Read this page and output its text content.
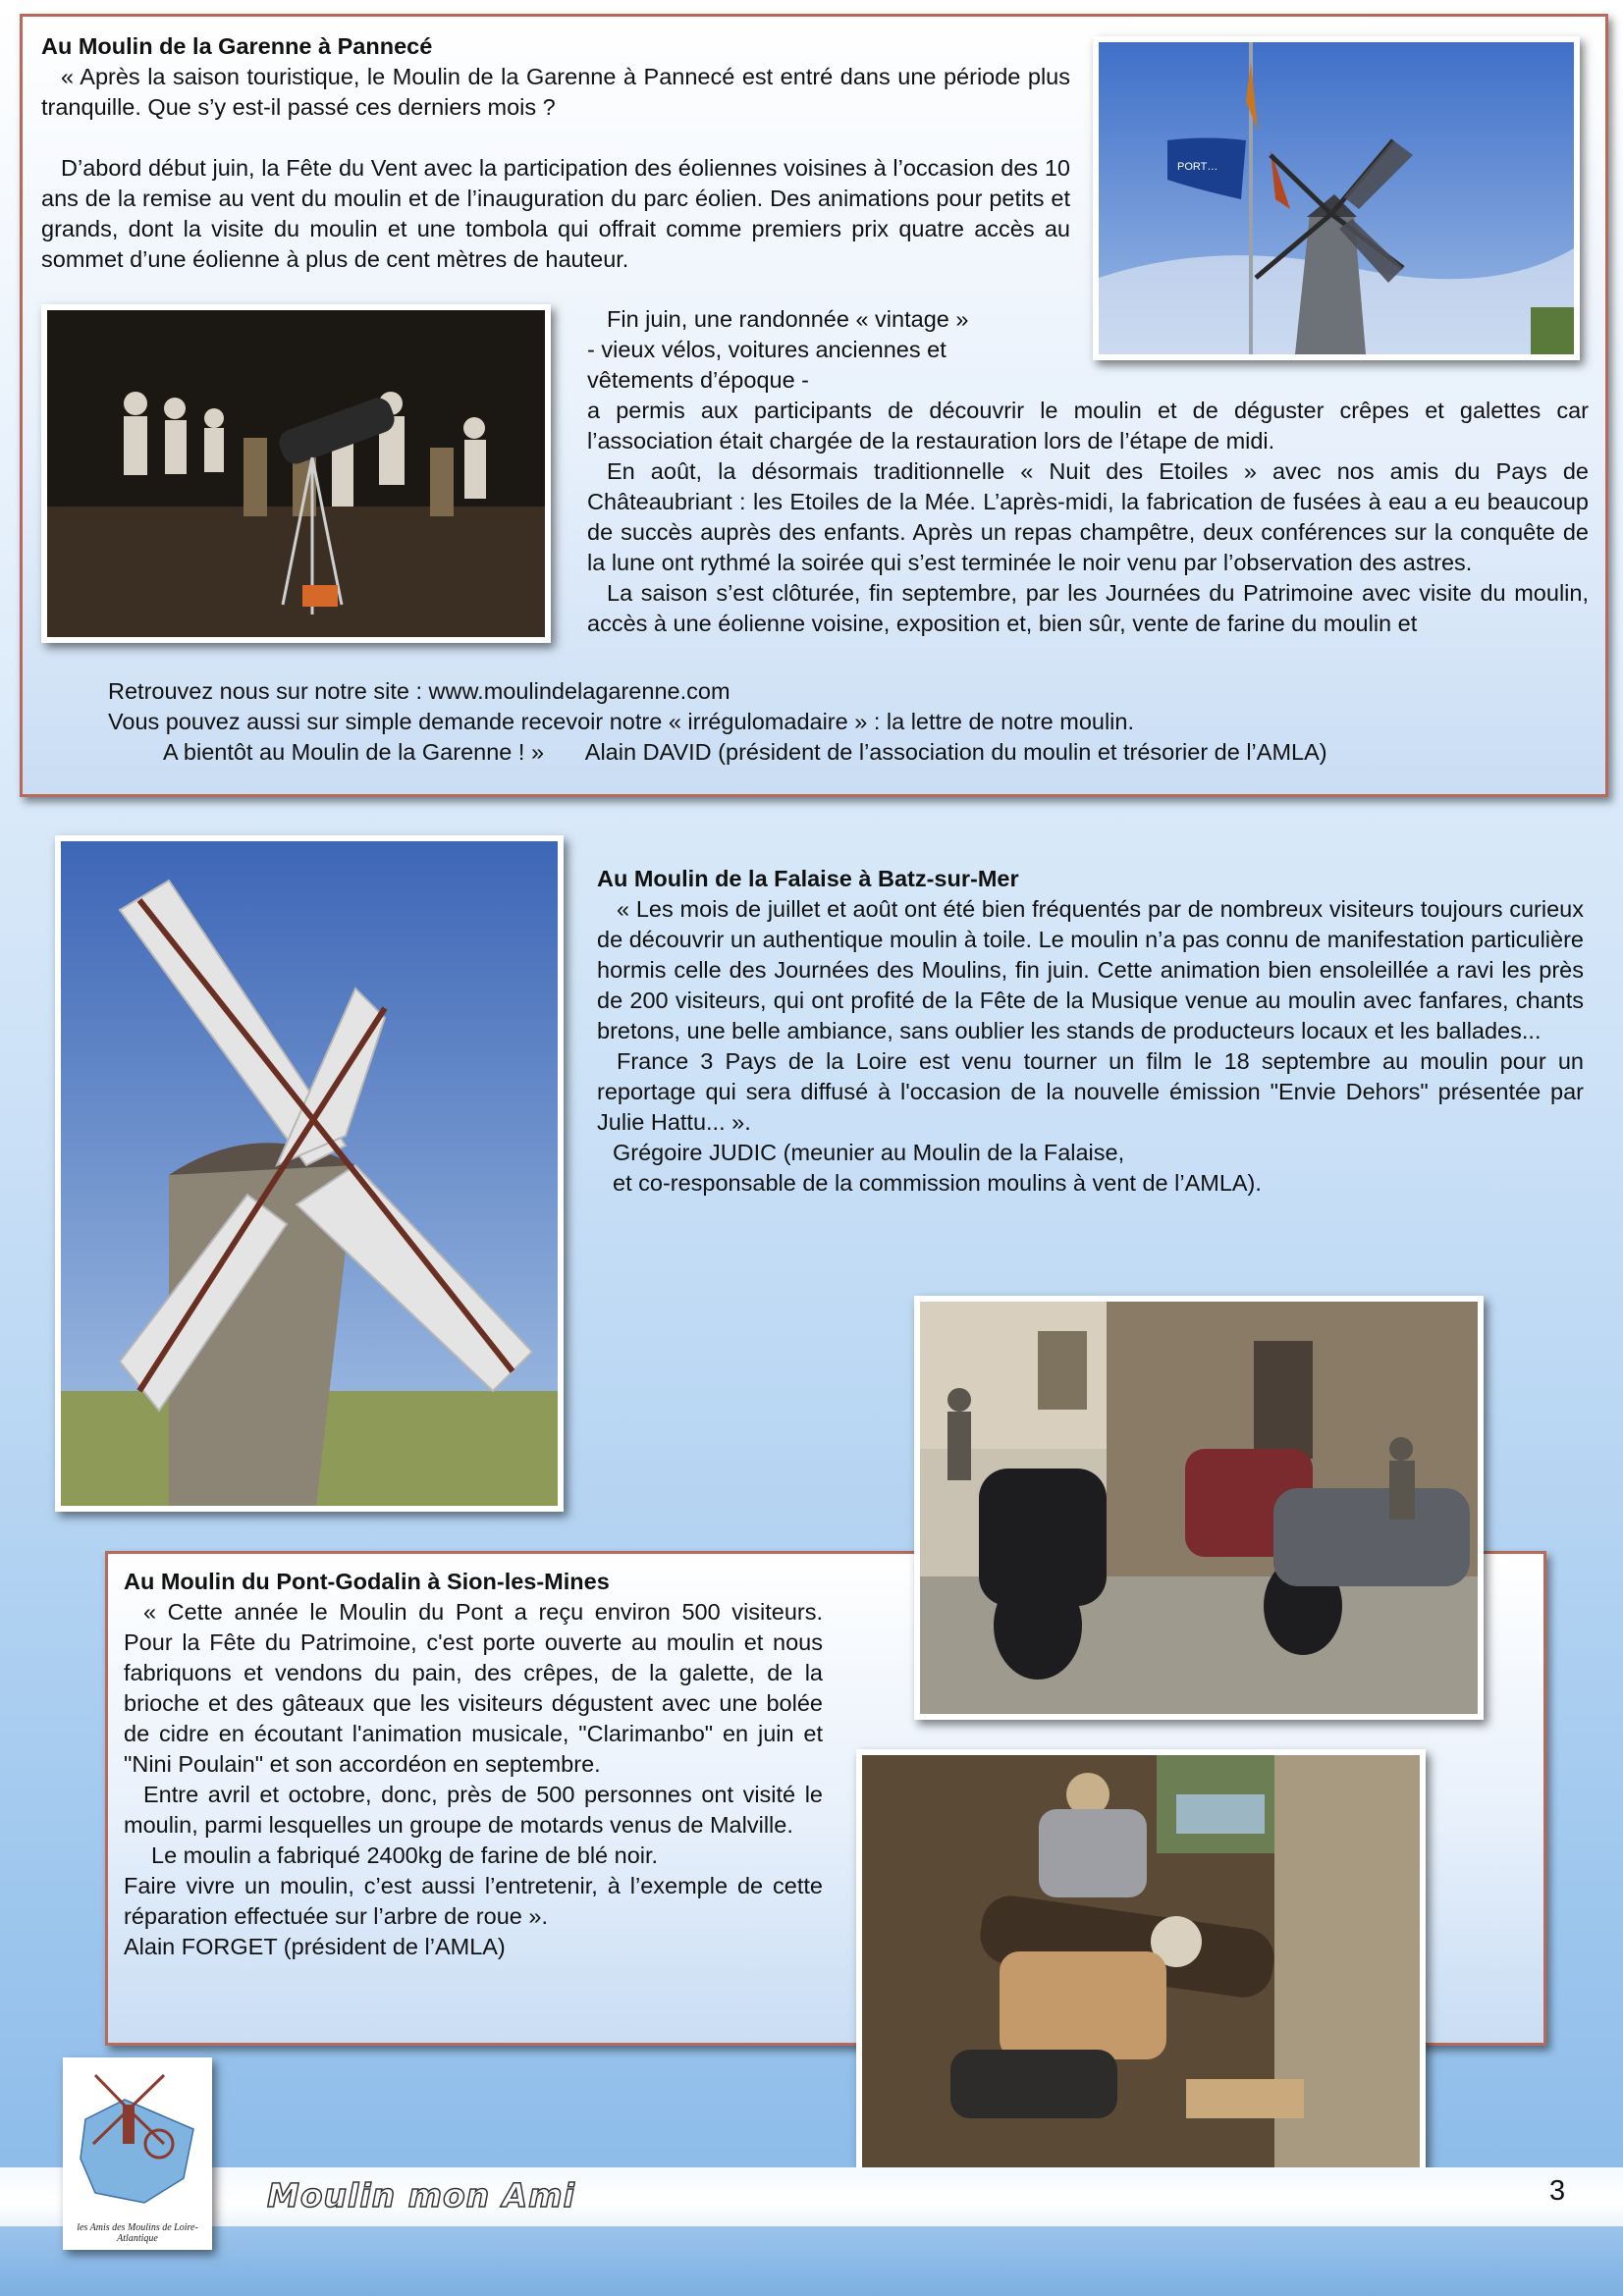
Au Moulin de la Garenne à Pannecé

« Après la saison touristique, le Moulin de la Garenne à Pannecé est entré dans une période plus tranquille. Que s’y est-il passé ces derniers mois ?

D’abord début juin, la Fête du Vent avec la participation des éoliennes voisines à l’occasion des 10 ans de la remise au vent du moulin et de l’inauguration du parc éolien. Des animations pour petits et grands, dont la visite du moulin et une tombola qui offrait comme premiers prix quatre accès au sommet d’une éolienne à plus de cent mètres de hauteur.

PORT…

Fin juin, une randonnée « vintage »

- vieux vélos, voitures anciennes et

vêtements d’époque -

a permis aux participants de découvrir le moulin et de déguster crêpes et galettes car l’association était chargée de la restauration lors de l’étape de midi.

En août, la désormais traditionnelle « Nuit des Etoiles » avec nos amis du Pays de Châteaubriant : les Etoiles de la Mée. L’après-midi, la fabrication de fusées à eau a eu beaucoup de succès auprès des enfants. Après un repas champêtre, deux conférences sur la conquête de la lune ont rythmé la soirée qui s’est terminée le noir venu par l’observation des astres.

La saison s’est clôturée, fin septembre, par les Journées du Patrimoine avec visite du moulin, accès à une éolienne voisine, exposition et, bien sûr, vente de farine du moulin et

Retrouvez nous sur notre site : www.moulindelagarenne.com

Vous pouvez aussi sur simple demande recevoir notre « irrégulomadaire » : la lettre de notre moulin.

A bientôt au Moulin de la Garenne ! » Alain DAVID (président de l’association du moulin et trésorier de l’AMLA)

Au Moulin de la Falaise à Batz-sur-Mer

« Les mois de juillet et août ont été bien fréquentés par de nombreux visiteurs toujours curieux de découvrir un authentique moulin à toile. Le moulin n’a pas connu de manifestation particulière hormis celle des Journées des Moulins, fin juin. Cette animation bien ensoleillée a ravi les près de 200 visiteurs, qui ont profité de la Fête de la Musique venue au moulin avec fanfares, chants bretons, une belle ambiance, sans oublier les stands de producteurs locaux et les ballades...

France 3 Pays de la Loire est venu tourner un film le 18 septembre au moulin pour un reportage qui sera diffusé à l'occasion de la nouvelle émission "Envie Dehors" présentée par Julie Hattu... ».

Grégoire JUDIC (meunier au Moulin de la Falaise,

et co-responsable de la commission moulins à vent de l’AMLA).

Au Moulin du Pont-Godalin à Sion-les-Mines

« Cette année le Moulin du Pont a reçu environ 500 visiteurs. Pour la Fête du Patrimoine, c'est porte ouverte au moulin et nous fabriquons et vendons du pain, des crêpes, de la galette, de la brioche et des gâteaux que les visiteurs dégustent avec une bolée de cidre en écoutant l'animation musicale, "Clarimanbo" en juin et "Nini Poulain" et son accordéon en septembre.

Entre avril et octobre, donc, près de 500 personnes ont visité le moulin, parmi lesquelles un groupe de motards venus de Malville.

Le moulin a fabriqué 2400kg de farine de blé noir.

Faire vivre un moulin, c’est aussi l’entretenir, à l’exemple de cette réparation effectuée sur l’arbre de roue ».

Alain FORGET (président de l’AMLA)

les Amis des Moulins de Loire-Atlantique
Moulin mon Ami	3
